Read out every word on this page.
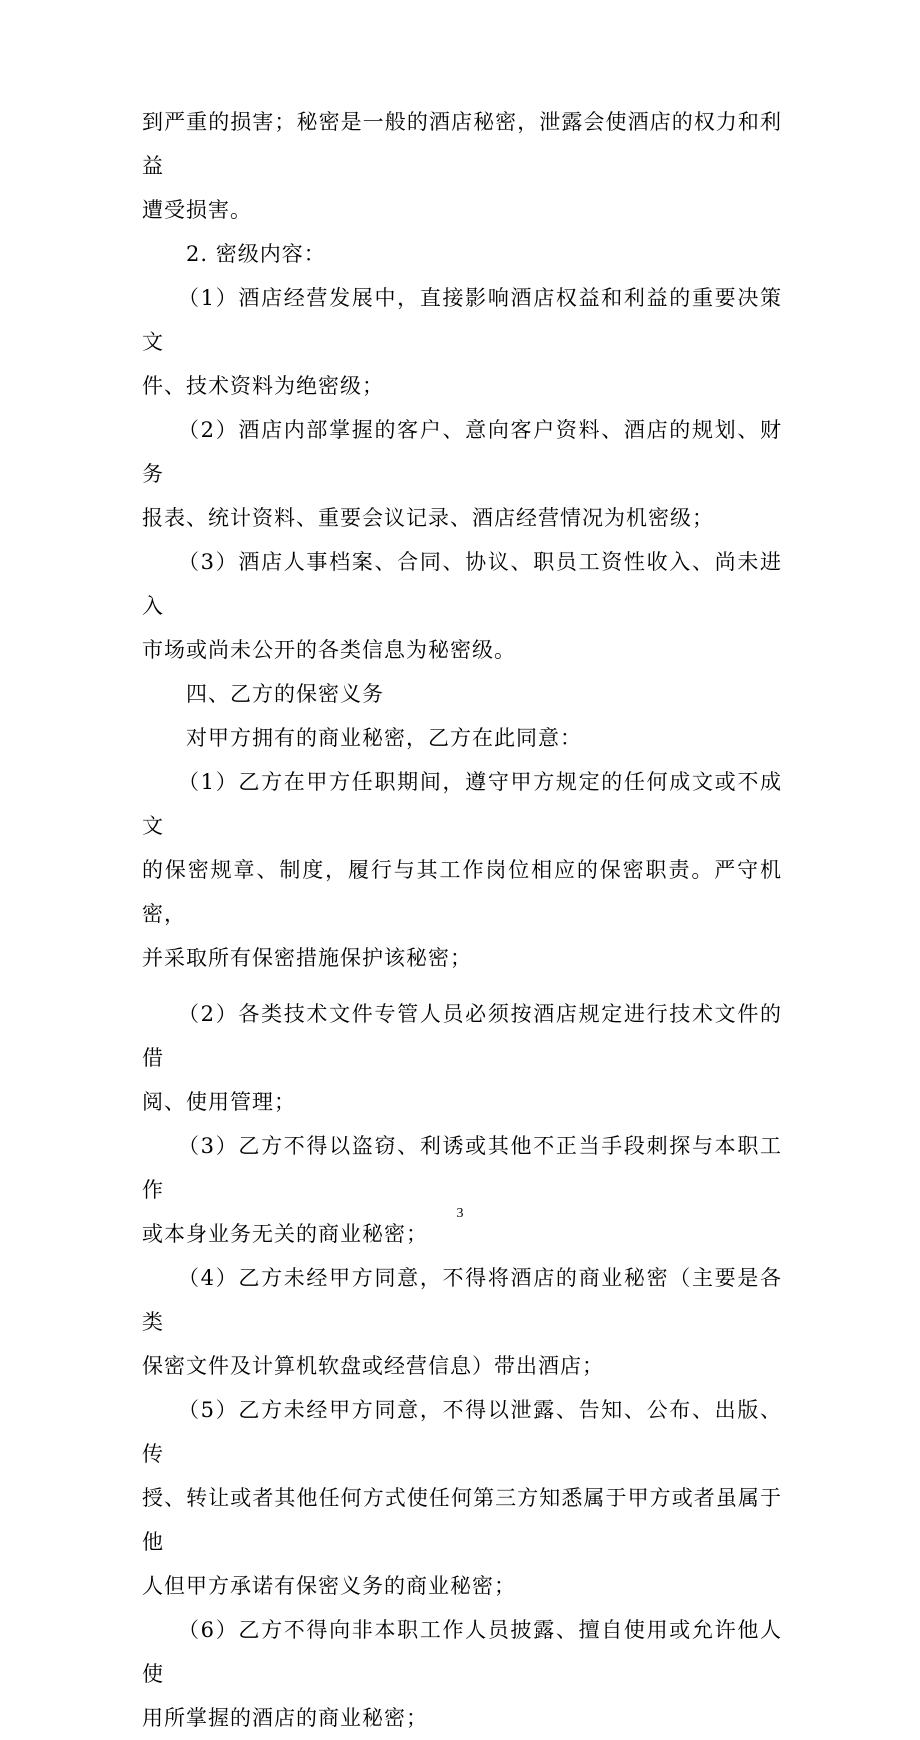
到严重的损害；秘密是一般的酒店秘密，泄露会使酒店的权力和利益
遭受损害。

2. 密级内容：

（1）酒店经营发展中，直接影响酒店权益和利益的重要决策文
件、技术资料为绝密级；

（2）酒店内部掌握的客户、意向客户资料、酒店的规划、财务
报表、统计资料、重要会议记录、酒店经营情况为机密级；

（3）酒店人事档案、合同、协议、职员工资性收入、尚未进入
市场或尚未公开的各类信息为秘密级。

四、乙方的保密义务

对甲方拥有的商业秘密，乙方在此同意：

（1）乙方在甲方任职期间，遵守甲方规定的任何成文或不成文
的保密规章、制度，履行与其工作岗位相应的保密职责。严守机密，
并采取所有保密措施保护该秘密；

（2）各类技术文件专管人员必须按酒店规定进行技术文件的借
阅、使用管理；

（3）乙方不得以盗窃、利诱或其他不正当手段刺探与本职工作
或本身业务无关的商业秘密；

（4）乙方未经甲方同意，不得将酒店的商业秘密（主要是各类
保密文件及计算机软盘或经营信息）带出酒店；

（5）乙方未经甲方同意，不得以泄露、告知、公布、出版、传
授、转让或者其他任何方式使任何第三方知悉属于甲方或者虽属于他
人但甲方承诺有保密义务的商业秘密；

（6）乙方不得向非本职工作人员披露、擅自使用或允许他人使
用所掌握的酒店的商业秘密；

3
